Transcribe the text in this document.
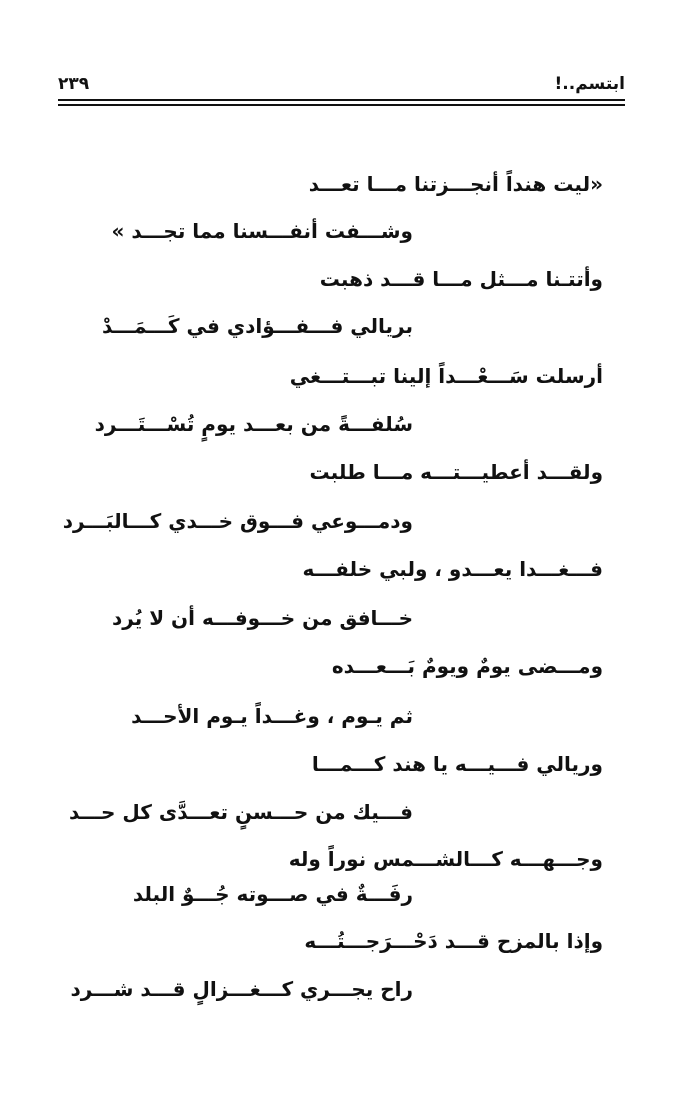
ابتسم..!
٢٣٩
«ليت هنداً أنجـــزتنا مـــا تعـــد
وشـــفت أنفـــسنا مما تجـــد »
وأتتـنا مـــثل مـــا قـــد ذهبت
بريالي فـــفـــؤادي في كَـــمَـــدْ
أرسلت سَـــعْـــداً إلينا تبـــتـــغي
سُلفـــةً من بعـــد يومٍ تُسْـــتَـــرد
ولقـــد أعطيـــتـــه مـــا طلبت
ودمـــوعي فـــوق خـــدي كـــالبَـــرد
فـــغـــدا يعـــدو ، ولبي خلفـــه
خـــافق من خـــوفـــه أن لا يُرد
ومـــضى يومٌ ويومٌ بَـــعـــده
ثم يـوم ، وغـــداً يـوم الأحـــد
وريالي فـــيـــه يا هند كـــمـــا
فـــيك من حـــسنٍ تعـــدَّى كل حـــد
وجـــهـــه كـــالشـــمس نوراً وله
رفَـــةٌ في صـــوته جُـــوٌ البلد
وإذا بالمزح قـــد دَحْـــرَجـــتُـــه
راح يجـــري كـــغـــزالٍ قـــد شـــرد
